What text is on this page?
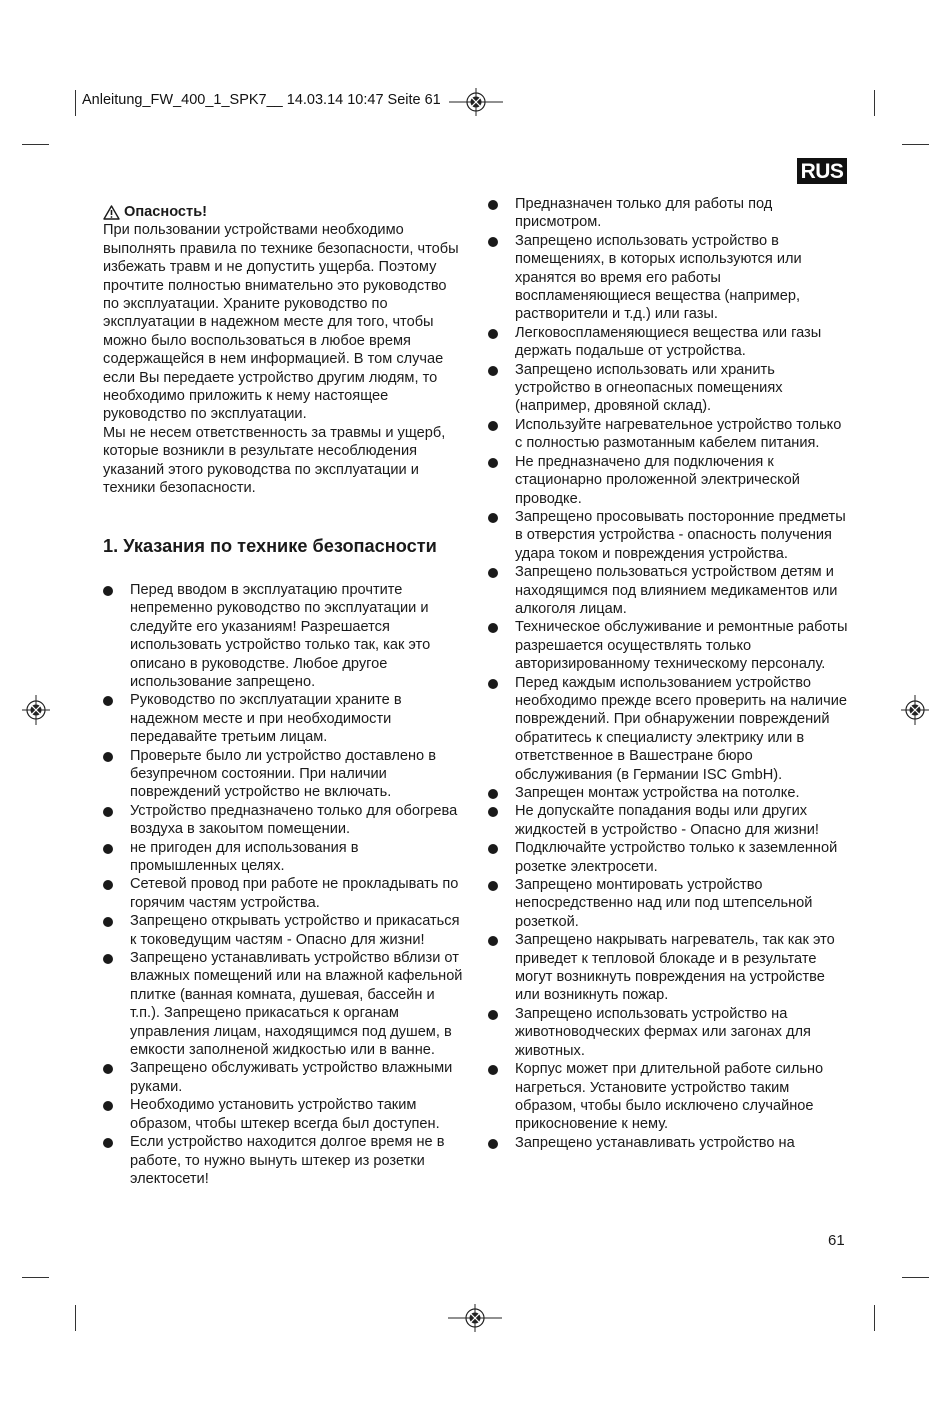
Anleitung_FW_400_1_SPK7__ 14.03.14 10:47 Seite 61
RUS
Опасность!

При пользовании устройствами необходимо выполнять правила по технике безопасности, чтобы избежать травм и не допустить ущерба. Поэтому прочтите полностью внимательно это руководство по эксплуатации. Храните руководство по эксплуатации в надежном месте для того, чтобы можно было воспользоваться в любое время содержащейся в нем информацией. В том случае если Вы передаете устройство другим людям, то необходимо приложить к нему настоящее руководство по эксплуатации.

Мы не несем ответственность за травмы и ущерб, которые возникли в результате несоблюдения указаний этого руководства по эксплуатации и техники безопасности.

1. Указания по технике безопасности
Перед вводом в эксплуатацию прочтите непременно руководство по эксплуатации и следуйте его указаниям! Разрешается использовать устройство только так, как это описано в руководстве. Любое другое использование запрещено.
Руководство по эксплуатации храните в надежном месте и при необходимости передавайте третьим лицам.
Проверьте было ли устройство доставлено в безупречном состоянии. При наличии повреждений устройство не включать.
Устройство предназначено только для обогрева воздуха в закоытом помещении.
не пригоден для использования в промышленных целях.
Сетевой провод при работе не прокладывать по горячим частям устройства.
Запрещено открывать устройство и прикасаться к токоведущим частям - Опасно для жизни!
Запрещено устанавливать устройство вблизи от влажных помещений или на влажной кафельной плитке (ванная комната, душевая, бассейн и т.п.). Запрещено прикасаться к органам управления лицам, находящимся под душем, в емкости заполненой жидкостью или в ванне.
Запрещено обслуживать устройство влажными руками.
Необходимо установить устройство таким образом, чтобы штекер всегда был доступен.
Если устройство находится долгое время не в работе, то нужно вынуть штекер из розетки электосети!
Предназначен только для работы под присмотром.
Запрещено использовать устройство в помещениях, в которых используются или хранятся во время его работы воспламеняющиеся вещества (например, растворители и т.д.) или газы.
Легковоспламеняющиеся вещества или газы держать подальше от устройства.
Запрещено использовать или хранить устройство в огнеопасных помещениях (например, дровяной склад).
Используйте нагревательное устройство только с полностью размотанным кабелем питания.
Не предназначено для подключения к стационарно проложенной электрической проводке.
Запрещено просовывать посторонние предметы в отверстия устройства - опасность получения удара током и повреждения устройства.
Запрещено пользоваться устройством детям и находящимся под влиянием медикаментов или алкоголя лицам.
Техническое обслуживание и ремонтные работы разрешается осуществлять только авторизированному техническому персоналу.
Перед каждым использованием устройство необходимо прежде всего проверить на наличие повреждений. При обнаружении повреждений обратитесь к специалисту электрику или в ответственное в Вашестране бюро обслуживания (в Германии ISC GmbH).
Запрещен монтаж устройства на потолке.
Не допускайте попадания воды или других жидкостей в устройство - Опасно для жизни!
Подключайте устройство только к заземленной розетке электросети.
Запрещено монтировать устройство непосредственно над или под штепсельной розеткой.
Запрещено накрывать нагреватель, так как это приведет к тепловой блокаде и в результате могут возникнуть повреждения на устройстве или возникнуть пожар.
Запрещено использовать устройство на животноводческих фермах или загонах для животных.
Корпус может при длительной работе сильно нагреться. Установите устройство таким образом, чтобы было исключено случайное прикосновение к нему.
Запрещено устанавливать устройство на
61
